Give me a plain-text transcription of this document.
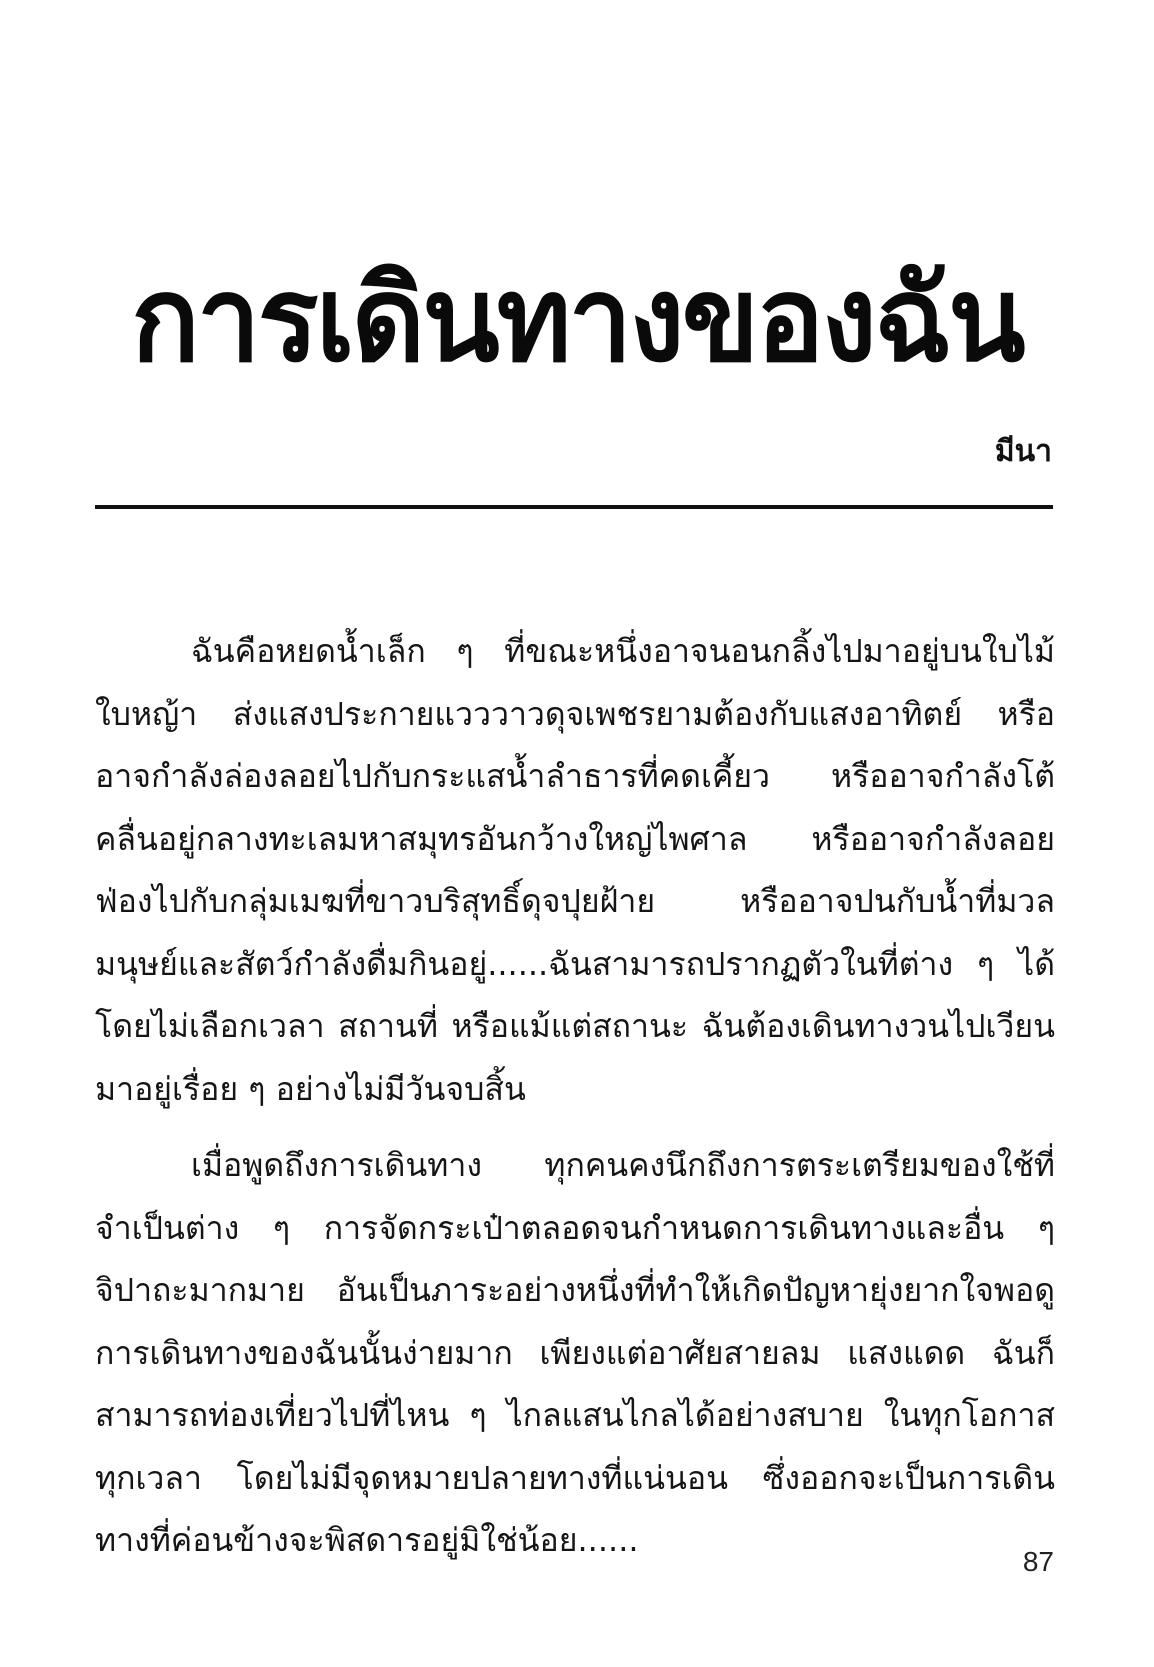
การเดินทางของฉัน
มีนา
ฉันคือหยดน้ำเล็ก ๆ ที่ขณะหนึ่งอาจนอนกลิ้งไปมาอยู่บนใบไม้
ใบหญ้า ส่งแสงประกายแวววาวดุจเพชรยามต้องกับแสงอาทิตย์ หรือ
อาจกำลังล่องลอยไปกับกระแสน้ำลำธารที่คดเคี้ยว หรืออาจกำลังโต้
คลื่นอยู่กลางทะเลมหาสมุทรอันกว้างใหญ่ไพศาล หรืออาจกำลังลอย
ฟ่องไปกับกลุ่มเมฆที่ขาวบริสุทธิ์ดุจปุยฝ้าย หรืออาจปนกับน้ำที่มวล
มนุษย์และสัตว์กำลังดื่มกินอยู่......ฉันสามารถปรากฏตัวในที่ต่าง ๆ ได้
โดยไม่เลือกเวลา สถานที่ หรือแม้แต่สถานะ ฉันต้องเดินทางวนไปเวียน
มาอยู่เรื่อย ๆ อย่างไม่มีวันจบสิ้น
เมื่อพูดถึงการเดินทาง ทุกคนคงนึกถึงการตระเตรียมของใช้ที่
จำเป็นต่าง ๆ การจัดกระเป๋าตลอดจนกำหนดการเดินทางและอื่น ๆ
จิปาถะมากมาย อันเป็นภาระอย่างหนึ่งที่ทำให้เกิดปัญหายุ่งยากใจพอดู
การเดินทางของฉันนั้นง่ายมาก เพียงแต่อาศัยสายลม แสงแดด ฉันก็
สามารถท่องเที่ยวไปที่ไหน ๆ ไกลแสนไกลได้อย่างสบาย ในทุกโอกาส
ทุกเวลา โดยไม่มีจุดหมายปลายทางที่แน่นอน ซึ่งออกจะเป็นการเดิน
ทางที่ค่อนข้างจะพิสดารอยู่มิใช่น้อย......
87
